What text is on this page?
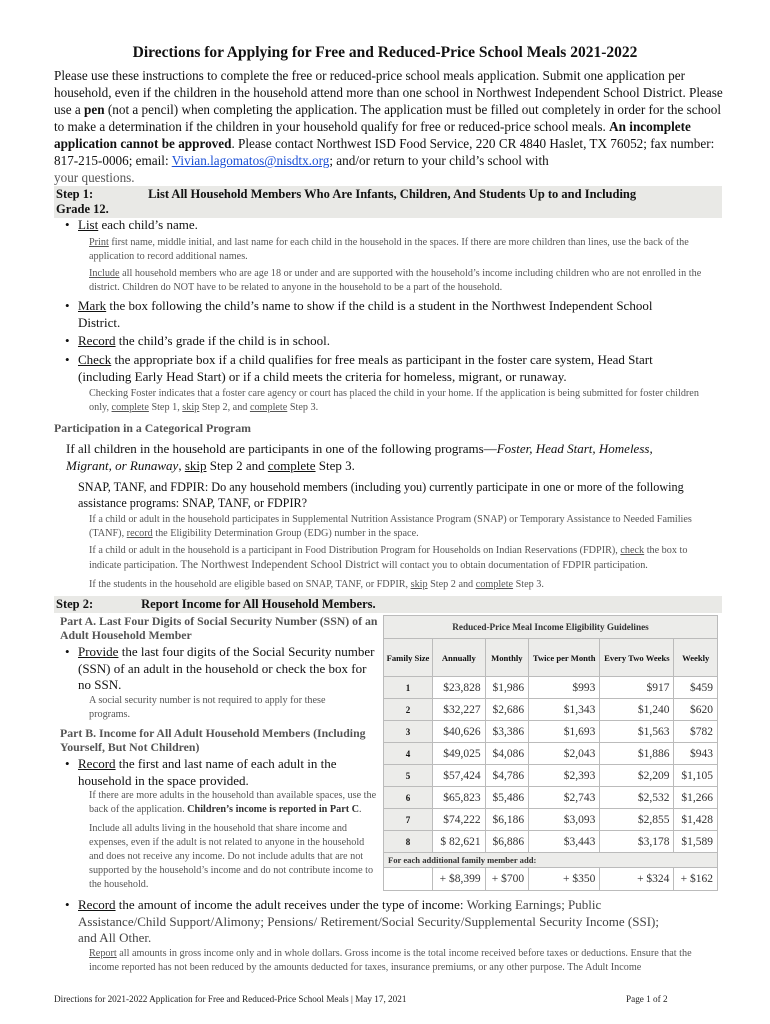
Directions for Applying for Free and Reduced-Price School Meals 2021-2022
Please use these instructions to complete the free or reduced-price school meals application. Submit one application per household, even if the children in the household attend more than one school in Northwest Independent School District. Please use a pen (not a pencil) when completing the application. The application must be filled out completely in order for the school to make a determination if the children in your household qualify for free or reduced-price school meals. An incomplete application cannot be approved. Please contact Northwest ISD Food Service, 220 CR 4840 Haslet, TX 76052; fax number: 817-215-0006; email: Vivian.lagomatos@nisdtx.org; and/or return to your child’s school with
your questions.
Step 1:	List All Household Members Who Are Infants, Children, And Students Up to and Including
Grade 12.
• List each child’s name.
Print first name, middle initial, and last name for each child in the household in the spaces. If there are more children than lines, use the back of the application to record additional names.
Include all household members who are age 18 or under and are supported with the household’s income including children who are not enrolled in the district. Children do NOT have to be related to anyone in the household to be a part of the household.
• Mark the box following the child’s name to show if the child is a student in the Northwest Independent School District.
• Record the child’s grade if the child is in school.
• Check the appropriate box if a child qualifies for free meals as participant in the foster care system, Head Start (including Early Head Start) or if a child meets the criteria for homeless, migrant, or runaway.
Checking Foster indicates that a foster care agency or court has placed the child in your home. If the application is being submitted for foster children only, complete Step 1, skip Step 2, and complete Step 3.
Participation in a Categorical Program
If all children in the household are participants in one of the following programs—Foster, Head Start, Homeless, Migrant, or Runaway, skip Step 2 and complete Step 3.
SNAP, TANF, and FDPIR: Do any household members (including you) currently participate in one or more of the following assistance programs: SNAP, TANF, or FDPIR?
If a child or adult in the household participates in Supplemental Nutrition Assistance Program (SNAP) or Temporary Assistance to Needed Families (TANF), record the Eligibility Determination Group (EDG) number in the space.
If a child or adult in the household is a participant in Food Distribution Program for Households on Indian Reservations (FDPIR), check the box to indicate participation. The Northwest Independent School District will contact you to obtain documentation of FDPIR participation.
If the students in the household are eligible based on SNAP, TANF, or FDPIR, skip Step 2 and complete Step 3.
Step 2:	Report Income for All Household Members.
Part A. Last Four Digits of Social Security Number (SSN) of an Adult Household Member
• Provide the last four digits of the Social Security number (SSN) of an adult in the household or check the box for no SSN.
A social security number is not required to apply for these programs.
Part B. Income for All Adult Household Members (Including Yourself, But Not Children)
• Record the first and last name of each adult in the household in the space provided.
If there are more adults in the household than available spaces, use the back of the application. Children’s income is reported in Part C.
Include all adults living in the household that share income and expenses, even if the adult is not related to anyone in the household and does not receive any income. Do not include adults that are not supported by the household’s income and do not contribute income to the household.
• Record the amount of income the adult receives under the type of income: Working Earnings; Public Assistance/Child Support/Alimony; Pensions/ Retirement/Social Security/Supplemental Security Income (SSI); and All Other.
Report all amounts in gross income only and in whole dollars. Gross income is the total income received before taxes or deductions. Ensure that the income reported has not been reduced by the amounts deducted for taxes, insurance premiums, or any other purpose. The Adult Income
Reduced-Price Meal Income Eligibility Guidelines					
Family Size	Annually	Monthly	Twice per Month	Every Two Weeks	Weekly
1	$23,828	$1,986	$993	$917	$459
2	$32,227	$2,686	$1,343	$1,240	$620
3	$40,626	$3,386	$1,693	$1,563	$782
4	$49,025	$4,086	$2,043	$1,886	$943
5	$57,424	$4,786	$2,393	$2,209	$1,105
6	$65,823	$5,486	$2,743	$2,532	$1,266
7	$74,222	$6,186	$3,093	$2,855	$1,428
8	$ 82,621	$6,886	$3,443	$3,178	$1,589
For each additional family member add:					
	+ $8,399	+ $700	+ $350	+ $324	+ $162
Directions for 2021-2022 Application for Free and Reduced-Price School Meals | May 17, 2021	Page 1 of 2
